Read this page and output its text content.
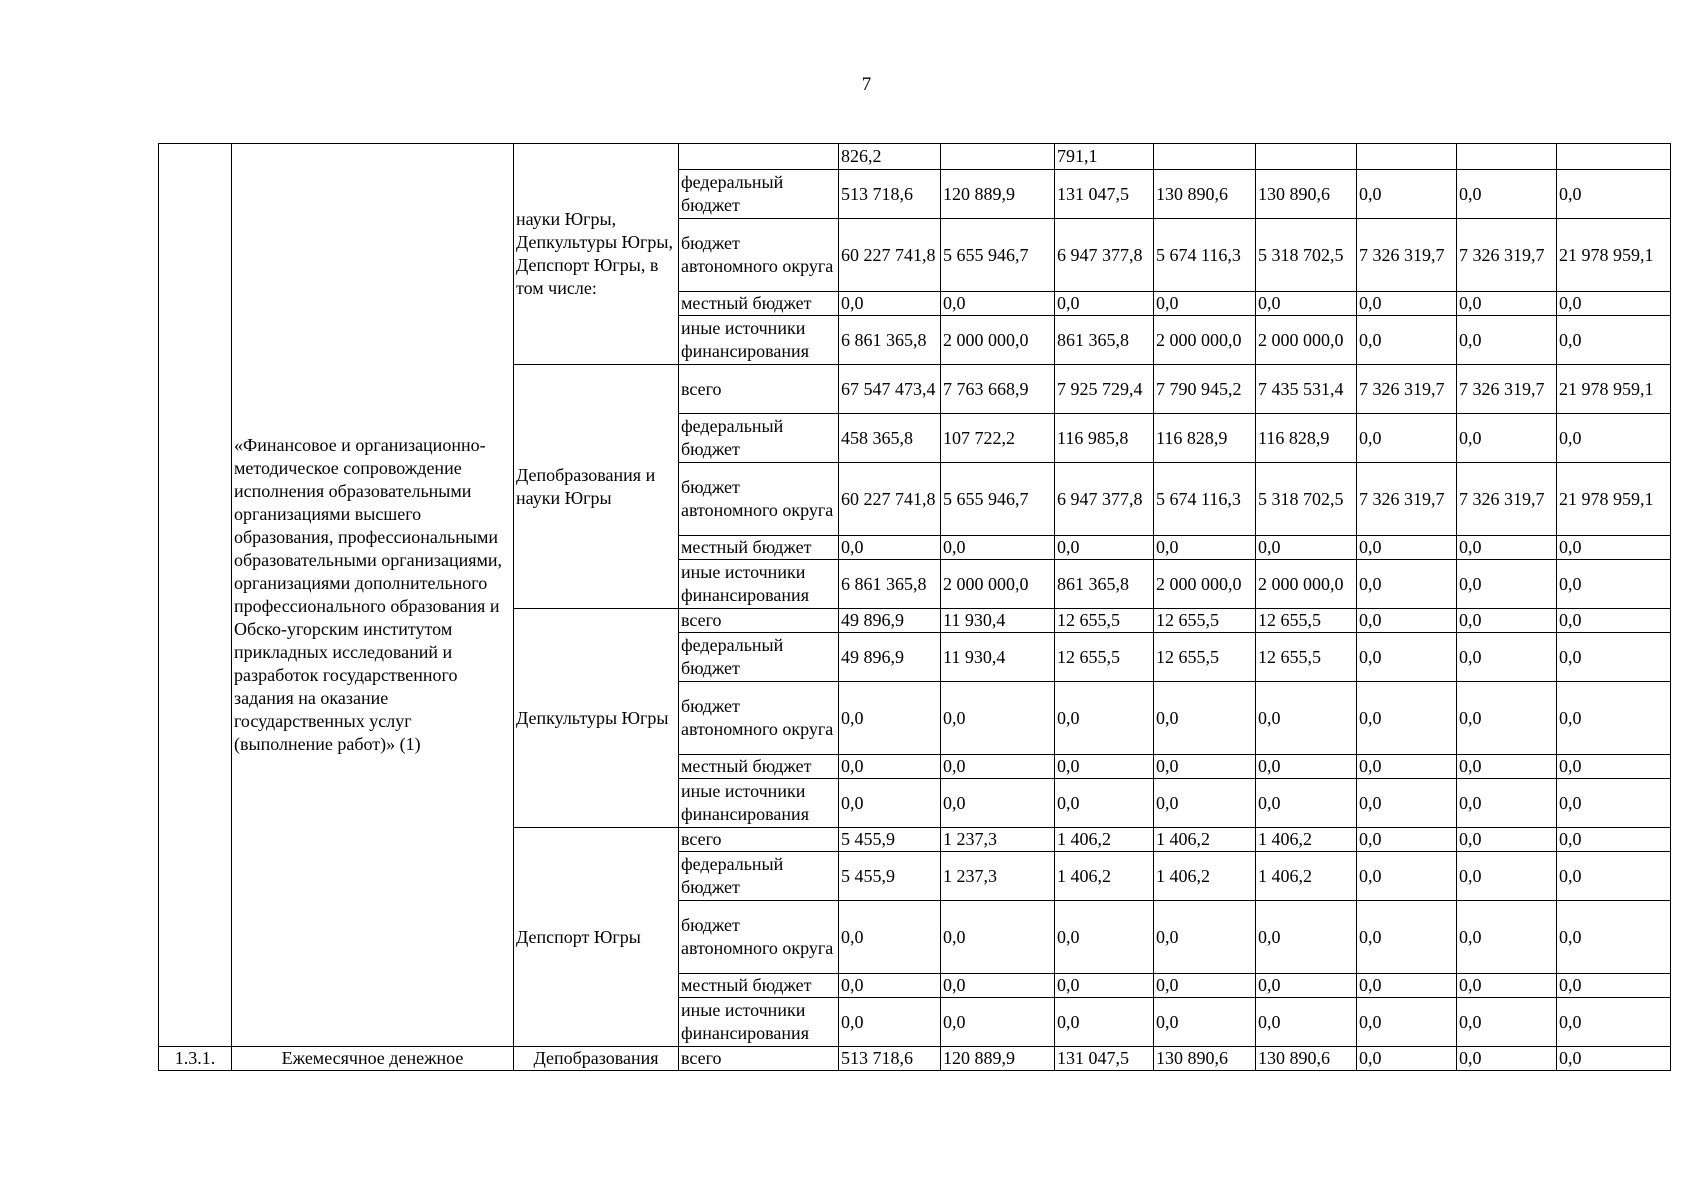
7
	«Финансовое и организационно-методическое сопровождение исполнения образовательными организациями высшего образования, профессиональными образовательными организациями, организациями дополнительного профессионального образования и Обско-угорским институтом прикладных исследований и разработок государственного задания на оказание государственных услуг (выполнение работ)» (1)	науки Югры, Депкультуры Югры, Депспорт Югры, в том числе:		826,2		791,1					
			федеральный бюджет	513 718,6	120 889,9	131 047,5	130 890,6	130 890,6	0,0	0,0	0,0
			бюджет автономного округа	60 227 741,8	5 655 946,7	6 947 377,8	5 674 116,3	5 318 702,5	7 326 319,7	7 326 319,7	21 978 959,1
			местный бюджет	0,0	0,0	0,0	0,0	0,0	0,0	0,0	0,0
			иные источники финансирования	6 861 365,8	2 000 000,0	861 365,8	2 000 000,0	2 000 000,0	0,0	0,0	0,0
		Депобразования и науки Югры	всего	67 547 473,4	7 763 668,9	7 925 729,4	7 790 945,2	7 435 531,4	7 326 319,7	7 326 319,7	21 978 959,1
			федеральный бюджет	458 365,8	107 722,2	116 985,8	116 828,9	116 828,9	0,0	0,0	0,0
			бюджет автономного округа	60 227 741,8	5 655 946,7	6 947 377,8	5 674 116,3	5 318 702,5	7 326 319,7	7 326 319,7	21 978 959,1
			местный бюджет	0,0	0,0	0,0	0,0	0,0	0,0	0,0	0,0
			иные источники финансирования	6 861 365,8	2 000 000,0	861 365,8	2 000 000,0	2 000 000,0	0,0	0,0	0,0
		Депкультуры Югры	всего	49 896,9	11 930,4	12 655,5	12 655,5	12 655,5	0,0	0,0	0,0
			федеральный бюджет	49 896,9	11 930,4	12 655,5	12 655,5	12 655,5	0,0	0,0	0,0
			бюджет автономного округа	0,0	0,0	0,0	0,0	0,0	0,0	0,0	0,0
			местный бюджет	0,0	0,0	0,0	0,0	0,0	0,0	0,0	0,0
			иные источники финансирования	0,0	0,0	0,0	0,0	0,0	0,0	0,0	0,0
		Депспорт Югры	всего	5 455,9	1 237,3	1 406,2	1 406,2	1 406,2	0,0	0,0	0,0
			федеральный бюджет	5 455,9	1 237,3	1 406,2	1 406,2	1 406,2	0,0	0,0	0,0
			бюджет автономного округа	0,0	0,0	0,0	0,0	0,0	0,0	0,0	0,0
			местный бюджет	0,0	0,0	0,0	0,0	0,0	0,0	0,0	0,0
			иные источники финансирования	0,0	0,0	0,0	0,0	0,0	0,0	0,0	0,0
1.3.1.	Ежемесячное денежное	Депобразования	всего	513 718,6	120 889,9	131 047,5	130 890,6	130 890,6	0,0	0,0	0,0
